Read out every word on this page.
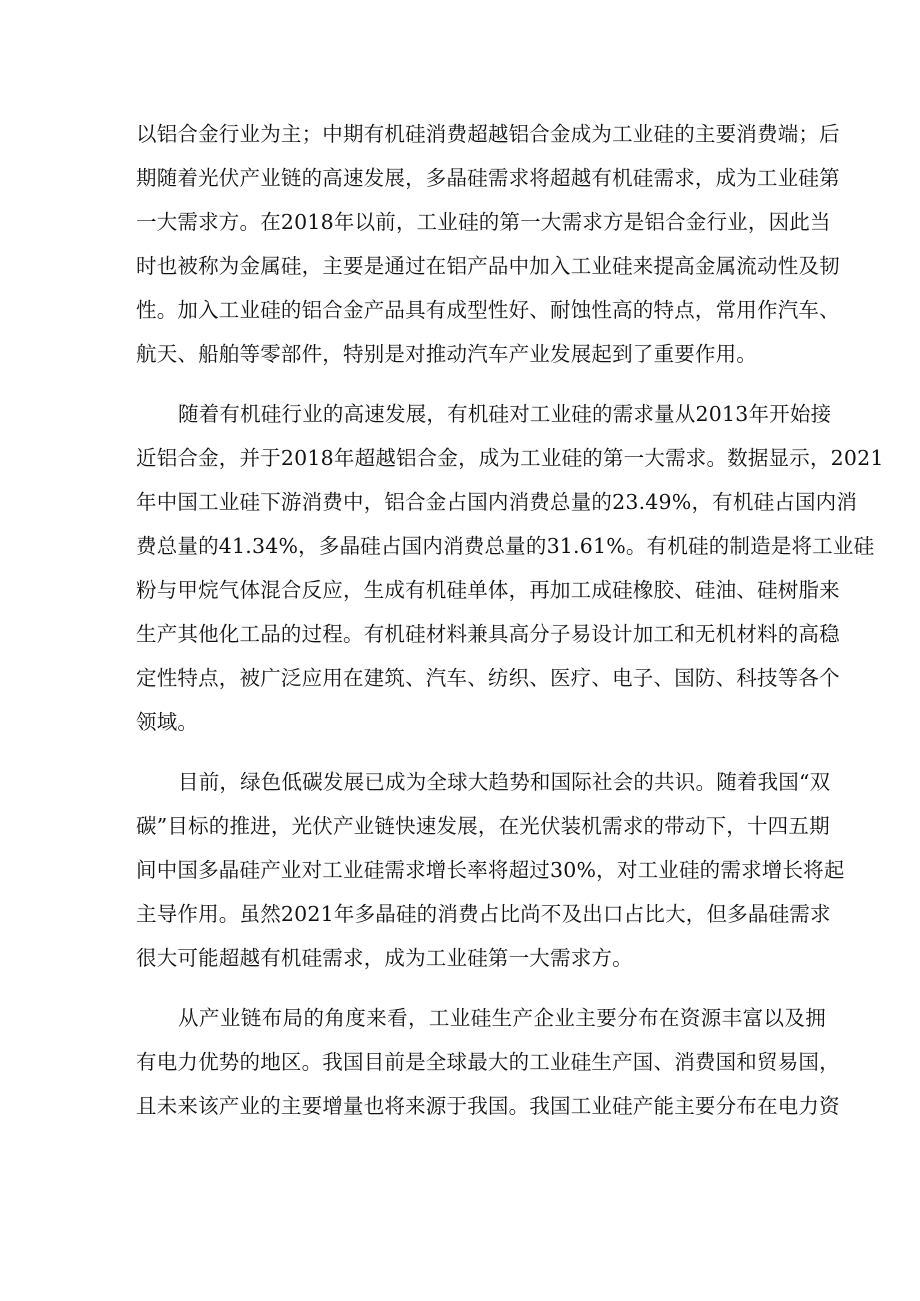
以铝合金行业为主；中期有机硅消费超越铝合金成为工业硅的主要消费端；后
期随着光伏产业链的高速发展，多晶硅需求将超越有机硅需求，成为工业硅第
一大需求方。在2018年以前，工业硅的第一大需求方是铝合金行业，因此当
时也被称为金属硅，主要是通过在铝产品中加入工业硅来提高金属流动性及韧
性。加入工业硅的铝合金产品具有成型性好、耐蚀性高的特点，常用作汽车、
航天、船舶等零部件，特别是对推动汽车产业发展起到了重要作用。
随着有机硅行业的高速发展，有机硅对工业硅的需求量从2013年开始接
近铝合金，并于2018年超越铝合金，成为工业硅的第一大需求。数据显示，2021
年中国工业硅下游消费中，铝合金占国内消费总量的23.49%，有机硅占国内消
费总量的41.34%，多晶硅占国内消费总量的31.61%。有机硅的制造是将工业硅
粉与甲烷气体混合反应，生成有机硅单体，再加工成硅橡胶、硅油、硅树脂来
生产其他化工品的过程。有机硅材料兼具高分子易设计加工和无机材料的高稳
定性特点，被广泛应用在建筑、汽车、纺织、医疗、电子、国防、科技等各个
领域。
目前，绿色低碳发展已成为全球大趋势和国际社会的共识。随着我国“双
碳”目标的推进，光伏产业链快速发展，在光伏装机需求的带动下，十四五期
间中国多晶硅产业对工业硅需求增长率将超过30%，对工业硅的需求增长将起
主导作用。虽然2021年多晶硅的消费占比尚不及出口占比大，但多晶硅需求
很大可能超越有机硅需求，成为工业硅第一大需求方。
从产业链布局的角度来看，工业硅生产企业主要分布在资源丰富以及拥
有电力优势的地区。我国目前是全球最大的工业硅生产国、消费国和贸易国，
且未来该产业的主要增量也将来源于我国。我国工业硅产能主要分布在电力资
